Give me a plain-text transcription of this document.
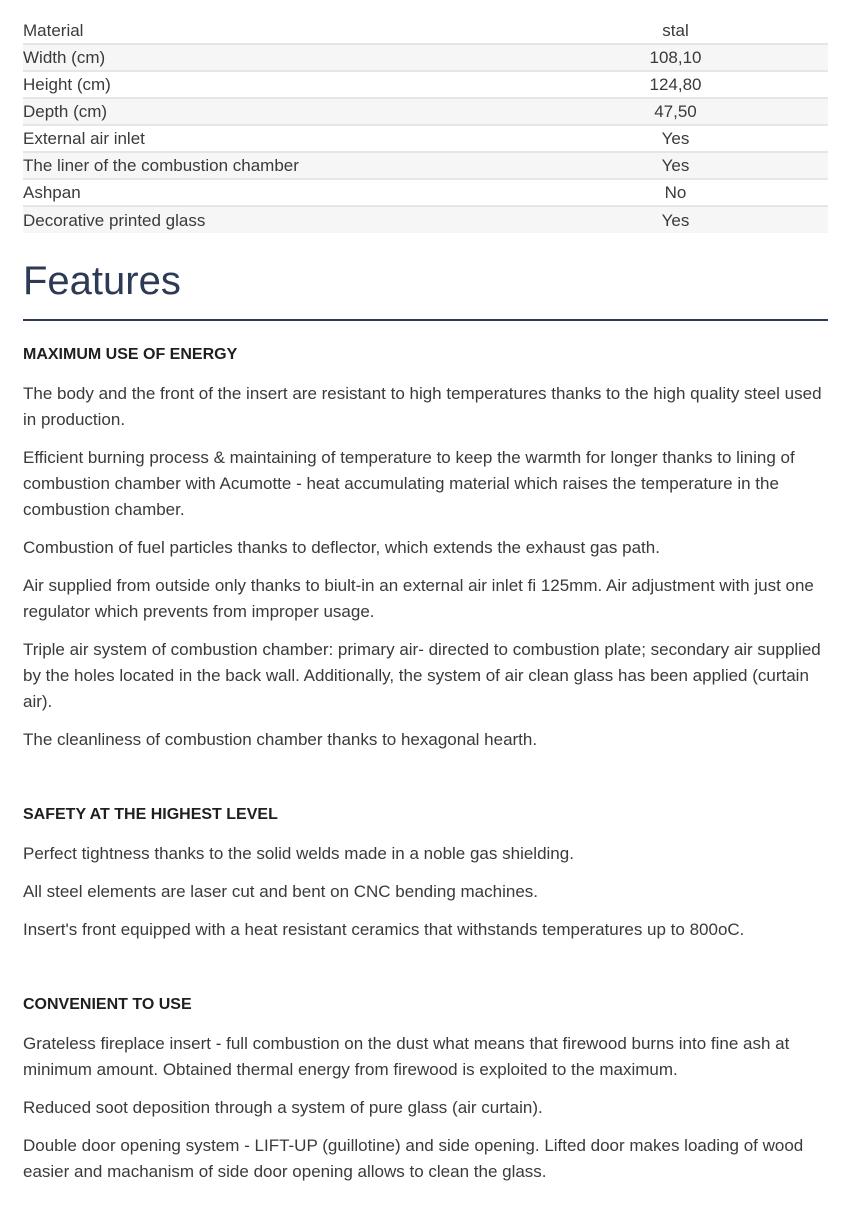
Material	stal
Width (cm)	108,10
Height (cm)	124,80
Depth (cm)	47,50
External air inlet	Yes
The liner of the combustion chamber	Yes
Ashpan	No
Decorative printed glass	Yes
Features
MAXIMUM USE OF ENERGY

The body and the front of the insert are resistant to high temperatures thanks to the high quality steel used in production.

Efficient burning process & maintaining of temperature to keep the warmth for longer thanks to lining of combustion chamber with Acumotte - heat accumulating material which raises the temperature in the combustion chamber.

Combustion of fuel particles thanks to deflector, which extends the exhaust gas path.

Air supplied from outside only thanks to biult-in an external air inlet fi 125mm. Air adjustment with just one regulator which prevents from improper usage.

Triple air system of combustion chamber: primary air- directed to combustion plate; secondary air supplied by the holes located in the back wall. Additionally, the system of air clean glass has been applied (curtain air).

The cleanliness of combustion chamber thanks to hexagonal hearth.

SAFETY AT THE HIGHEST LEVEL

Perfect tightness thanks to the solid welds made in a noble gas shielding.

All steel elements are laser cut and bent on CNC bending machines.

Insert's front equipped with a heat resistant ceramics that withstands temperatures up to 800oC.

CONVENIENT TO USE

Grateless fireplace insert - full combustion on the dust what means that firewood burns into fine ash at minimum amount. Obtained thermal energy from firewood is exploited to the maximum.

Reduced soot deposition through a system of pure glass (air curtain).

Double door opening system - LIFT-UP (guillotine) and side opening. Lifted door makes loading of wood easier and machanism of side door opening allows to clean the glass.
